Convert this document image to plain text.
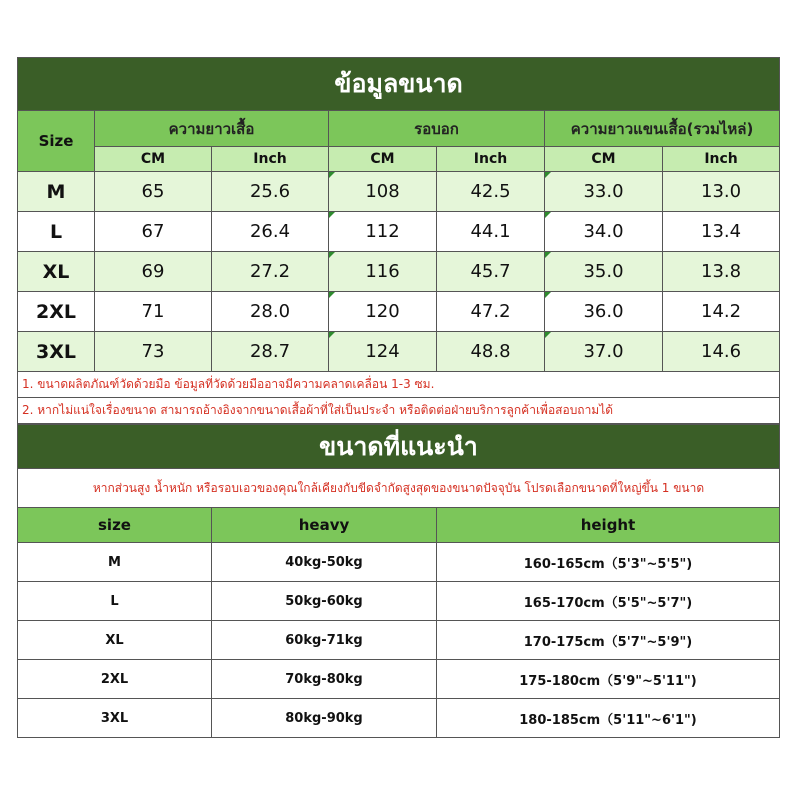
ข้อมูลขนาด						
Size	ความยาวเสื้อ		รอบอก		ความยาวแขนเสื้อ(รวมไหล่)	
	CM	Inch	CM	Inch	CM	Inch
M	65	25.6	108	42.5	33.0	13.0
L	67	26.4	112	44.1	34.0	13.4
XL	69	27.2	116	45.7	35.0	13.8
2XL	71	28.0	120	47.2	36.0	14.2
3XL	73	28.7	124	48.8	37.0	14.6
1. ขนาดผลิตภัณฑ์วัดด้วยมือ ข้อมูลที่วัดด้วยมืออาจมีความคลาดเคลื่อน 1-3 ซม.						
2. หากไม่แน่ใจเรื่องขนาด สามารถอ้างอิงจากขนาดเสื้อผ้าที่ใส่เป็นประจำ หรือติดต่อฝ่ายบริการลูกค้าเพื่อสอบถามได้						
ขนาดที่แนะนำ		
หากส่วนสูง น้ำหนัก หรือรอบเอวของคุณใกล้เคียงกับขีดจำกัดสูงสุดของขนาดปัจจุบัน โปรดเลือกขนาดที่ใหญ่ขึ้น 1 ขนาด		
size	heavy	height
M	40kg-50kg	160-165cm（5'3"~5'5")
L	50kg-60kg	165-170cm（5'5"~5'7")
XL	60kg-71kg	170-175cm（5'7"~5'9")
2XL	70kg-80kg	175-180cm（5'9"~5'11")
3XL	80kg-90kg	180-185cm（5'11"~6'1")
